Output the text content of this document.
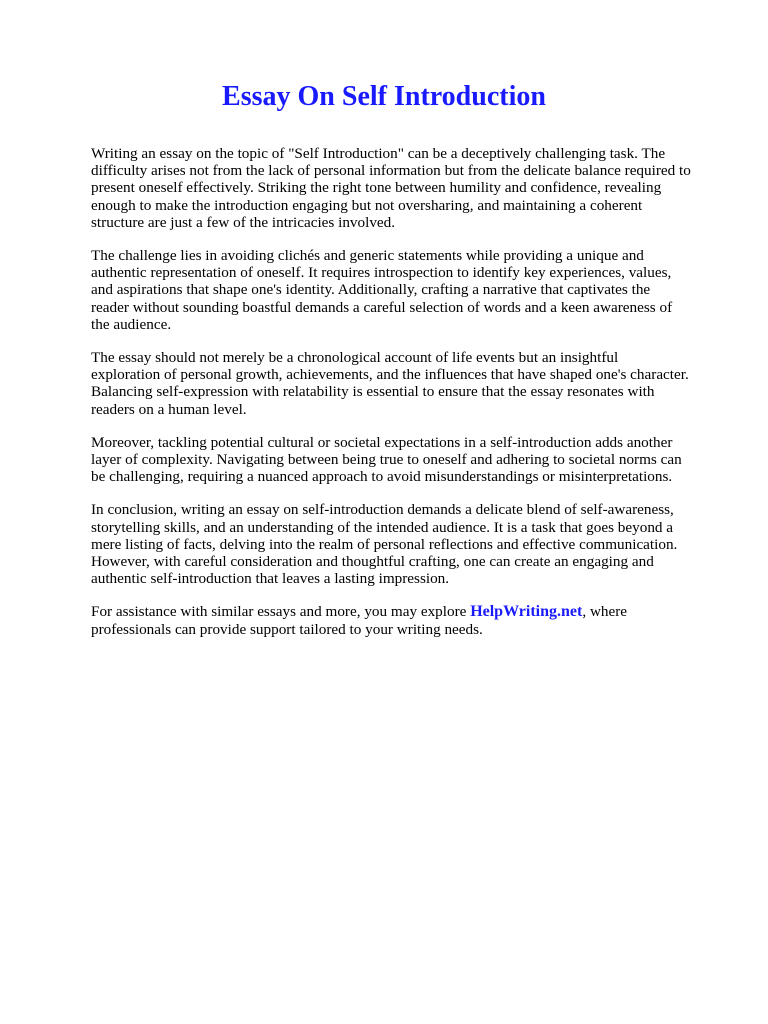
Essay On Self Introduction

Writing an essay on the topic of "Self Introduction" can be a deceptively challenging task. The difficulty arises not from the lack of personal information but from the delicate balance required to present oneself effectively. Striking the right tone between humility and confidence, revealing enough to make the introduction engaging but not oversharing, and maintaining a coherent structure are just a few of the intricacies involved.

The challenge lies in avoiding clichés and generic statements while providing a unique and authentic representation of oneself. It requires introspection to identify key experiences, values, and aspirations that shape one's identity. Additionally, crafting a narrative that captivates the reader without sounding boastful demands a careful selection of words and a keen awareness of the audience.

The essay should not merely be a chronological account of life events but an insightful exploration of personal growth, achievements, and the influences that have shaped one's character. Balancing self-expression with relatability is essential to ensure that the essay resonates with readers on a human level.

Moreover, tackling potential cultural or societal expectations in a self-introduction adds another layer of complexity. Navigating between being true to oneself and adhering to societal norms can be challenging, requiring a nuanced approach to avoid misunderstandings or misinterpretations.

In conclusion, writing an essay on self-introduction demands a delicate blend of self-awareness, storytelling skills, and an understanding of the intended audience. It is a task that goes beyond a mere listing of facts, delving into the realm of personal reflections and effective communication. However, with careful consideration and thoughtful crafting, one can create an engaging and authentic self-introduction that leaves a lasting impression.

For assistance with similar essays and more, you may explore HelpWriting.net, where professionals can provide support tailored to your writing needs.
